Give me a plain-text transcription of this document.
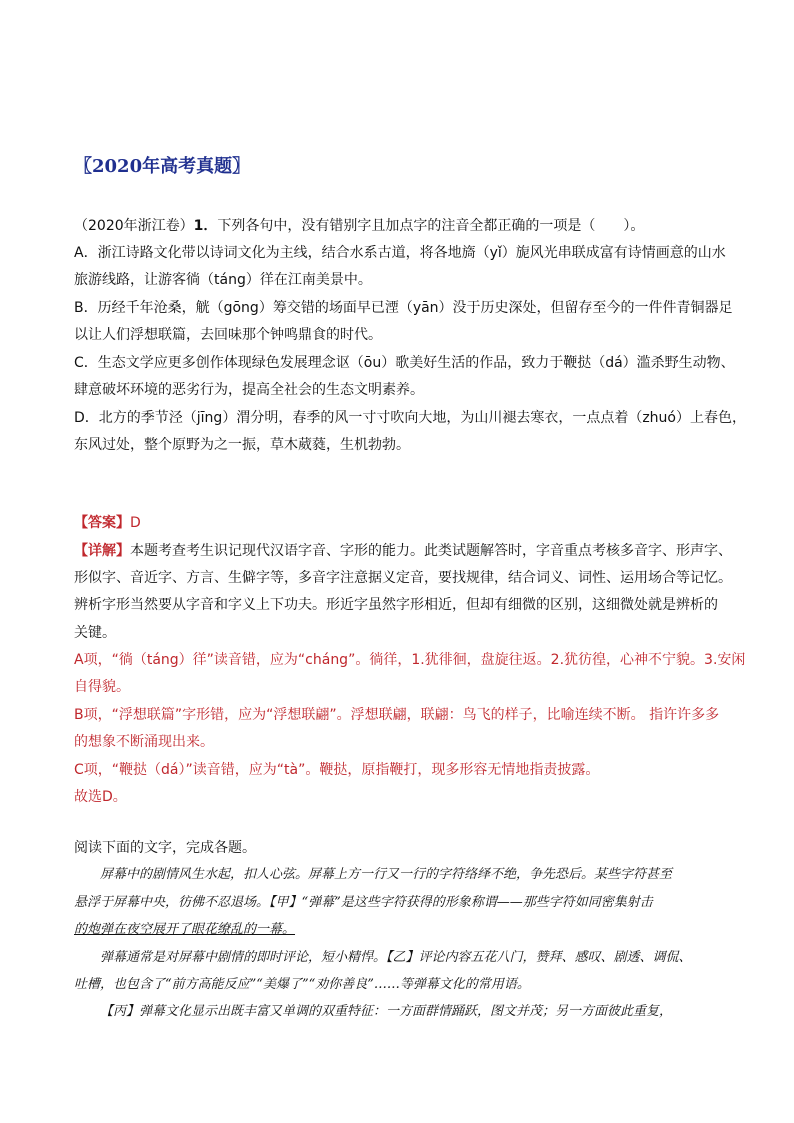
〖2020年高考真题〗
（2020年浙江卷）1．下列各句中，没有错别字且加点字的注音全都正确的一项是（　　）。
A．浙江诗路文化带以诗词文化为主线，结合水系古道，将各地旖（yǐ）旎风光串联成富有诗情画意的山水
旅游线路，让游客徜（táng）徉在江南美景中。
B．历经千年沧桑，觥（gōng）筹交错的场面早已湮（yān）没于历史深处，但留存至今的一件件青铜器足
以让人们浮想联篇，去回味那个钟鸣鼎食的时代。
C．生态文学应更多创作体现绿色发展理念讴（ōu）歌美好生活的作品，致力于鞭挞（dá）滥杀野生动物、
肆意破坏环境的恶劣行为，提高全社会的生态文明素养。
D．北方的季节泾（jīng）渭分明，春季的风一寸寸吹向大地，为山川褪去寒衣，一点点着（zhuó）上春色，
东风过处，整个原野为之一振，草木葳蕤，生机勃勃。
【答案】D
【详解】本题考查考生识记现代汉语字音、字形的能力。此类试题解答时，字音重点考核多音字、形声字、
形似字、音近字、方言、生僻字等，多音字注意据义定音，要找规律，结合词义、词性、运用场合等记忆。
辨析字形当然要从字音和字义上下功夫。形近字虽然字形相近，但却有细微的区别，这细微处就是辨析的
关键。
A项，“徜（táng）徉”读音错，应为“cháng”。徜徉，1.犹徘徊，盘旋往返。2.犹彷徨，心神不宁貌。3.安闲
自得貌。
B项，“浮想联篇”字形错，应为“浮想联翩”。浮想联翩，联翩：鸟飞的样子，比喻连续不断。 指许许多多
的想象不断涌现出来。
C项，“鞭挞（dá）”读音错，应为“tà”。鞭挞，原指鞭打，现多形容无情地指责披露。
故选D。
阅读下面的文字，完成各题。
屏幕中的剧情风生水起，扣人心弦。屏幕上方一行又一行的字符络绎不绝，争先恐后。某些字符甚至
悬浮于屏幕中央，彷佛不忍退场。【甲】“弹幕”是这些字符获得的形象称谓——那些字符如同密集射击
的炮弹在夜空展开了眼花缭乱的一幕。
弹幕通常是对屏幕中剧情的即时评论，短小精悍。【乙】评论内容五花八门，赞拜、感叹、剧透、调侃、
吐槽，也包含了“前方高能反应”“美爆了”“劝你善良”……等弹幕文化的常用语。
【丙】弹幕文化显示出既丰富又单调的双重特征：一方面群情踊跃，图文并茂；另一方面彼此重复，
